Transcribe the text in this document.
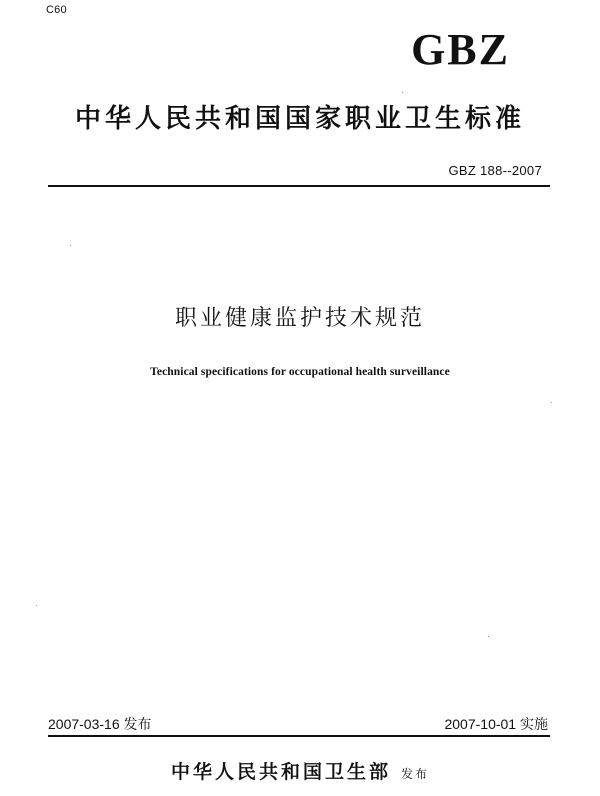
C60
GBZ
中华人民共和国国家职业卫生标准
GBZ 188--2007
职业健康监护技术规范
Technical specifications for occupational health surveillance
2007-03-16 发布	2007-10-01 实施
中华人民共和国卫生部 发布
